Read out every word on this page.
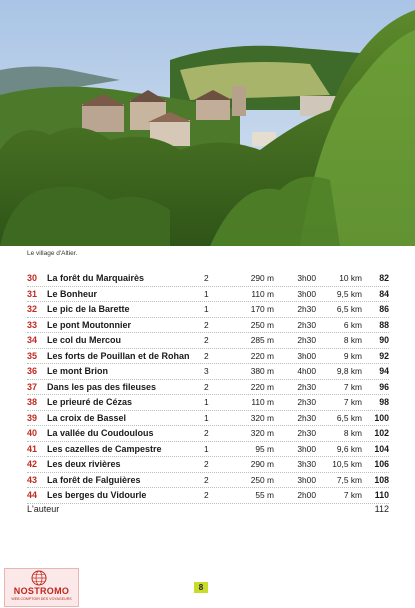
Le village d'Altier.
30	La forêt du Marquairès	2	290 m	3h00	10 km	82
31	Le Bonheur	1	110 m	3h00	9,5 km	84
32	Le pic de la Barette	1	170 m	2h30	6,5 km	86
33	Le pont Moutonnier	2	250 m	2h30	6 km	88
34	Le col du Mercou	2	285 m	2h30	8 km	90
35	Les forts de Pouillan et de Rohan	2	220 m	3h00	9 km	92
36	Le mont Brion	3	380 m	4h00	9,8 km	94
37	Dans les pas des fileuses	2	220 m	2h30	7 km	96
38	Le prieuré de Cézas	1	110 m	2h30	7 km	98
39	La croix de Bassel	1	320 m	2h30	6,5 km	100
40	La vallée du Coudoulous	2	320 m	2h30	8 km	102
41	Les cazelles de Campestre	1	95 m	3h00	9,6 km	104
42	Les deux rivières	2	290 m	3h30	10,5 km	106
43	La forêt de Falguières	2	250 m	3h00	7,5 km	108
44	Les berges du Vidourle	2	55 m	2h00	7 km	110
L'auteur	112
NOSTROMO
WEB COMPTOIR DES VOYAGEURS
8
